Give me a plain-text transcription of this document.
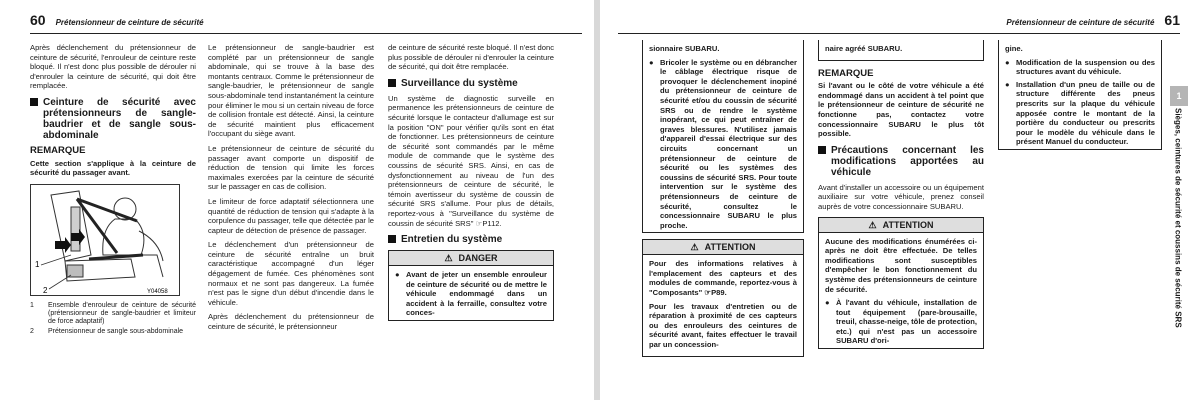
60 Prétensionneur de ceinture de sécurité

Après déclenchement du prétensionneur de ceinture de sécurité, l'enrouleur de ceinture reste bloqué. Il n'est donc plus possible de dérouler ni d'enrouler la ceinture de sécurité, qui doit être remplacée.

Ceinture de sécurité avec prétensionneurs de sangle-baudrier et de sangle sous-abdominale
REMARQUE

Cette section s'applique à la ceinture de sécurité du passager avant.

1
2	Y04058
1	Ensemble d'enrouleur de ceinture de sécurité (prétensionneur de sangle-baudrier et limiteur de force adaptatif)
2	Prétensionneur de sangle sous-abdominale

Le prétensionneur de sangle-baudrier est complété par un prétensionneur de sangle abdominale, qui se trouve à la base des montants centraux. Comme le prétensionneur de sangle-baudrier, le prétensionneur de sangle sous-abdominale tend instantanément la ceinture pour éliminer le mou si un certain niveau de force de collision frontale est détecté. Ainsi, la ceinture de sécurité maintient plus efficacement l'occupant du siège avant.

Le prétensionneur de ceinture de sécurité du passager avant comporte un dispositif de réduction de tension qui limite les forces maximales exercées par la ceinture de sécurité sur le passager en cas de collision.

Le limiteur de force adaptatif sélectionnera une quantité de réduction de tension qui s'adapte à la corpulence du passager, telle que détectée par le capteur de détection de présence de passager.

Le déclenchement d'un prétensionneur de ceinture de sécurité entraîne un bruit caractéristique accompagné d'un léger dégagement de fumée. Ces phénomènes sont normaux et ne sont pas dangereux. La fumée n'est pas le signe d'un début d'incendie dans le véhicule.

Après déclenchement du prétensionneur de ceinture de sécurité, le prétensionneur

de ceinture de sécurité reste bloqué. Il n'est donc plus possible de dérouler ni d'enrouler la ceinture de sécurité, qui doit être remplacée.

Surveillance du système

Un système de diagnostic surveille en permanence les prétensionneurs de ceinture de sécurité lorsque le contacteur d'allumage est sur la position "ON" pour vérifier qu'ils sont en état de fonctionner. Les prétensionneurs de ceinture de sécurité sont commandés par le même module de commande que le système des coussins de sécurité SRS. Ainsi, en cas de dysfonctionnement au niveau de l'un des prétensionneurs de ceinture de sécurité, le témoin avertisseur du système de coussin de sécurité SRS s'allume. Pour plus de détails, reportez-vous à "Surveillance du système de coussin de sécurité SRS" ☞P112.

Entretien du système
⚠ DANGER
● Avant de jeter un ensemble enrouleur de ceinture de sécurité ou de mettre le véhicule endommagé dans un accident à la ferraille, consultez votre conces-
Prétensionneur de ceinture de sécurité 61

sionnaire SUBARU.

● Bricoler le système ou en débrancher le câblage électrique risque de provoquer le déclenchement inopiné du prétensionneur de ceinture de sécurité et/ou du coussin de sécurité SRS ou de rendre le système inopérant, ce qui peut entraîner de graves blessures. N'utilisez jamais d'appareil d'essai électrique sur des circuits concernant un prétensionneur de ceinture de sécurité ou les systèmes des coussins de sécurité SRS. Pour toute intervention sur le système des prétensionneurs de ceinture de sécurité, consultez le concessionnaire SUBARU le plus proche.
⚠ ATTENTION

Pour des informations relatives à l'emplacement des capteurs et des modules de commande, reportez-vous à "Composants" ☞P89.

Pour les travaux d'entretien ou de réparation à proximité de ces capteurs ou des enrouleurs des ceintures de sécurité avant, faites effectuer le travail par un concession-

naire agréé SUBARU.

REMARQUE

Si l'avant ou le côté de votre véhicule a été endommagé dans un accident à tel point que le prétensionneur de ceinture de sécurité ne fonctionne pas, contactez votre concessionnaire SUBARU le plus tôt possible.

Précautions concernant les modifications apportées au véhicule

Avant d'installer un accessoire ou un équipement auxiliaire sur votre véhicule, prenez conseil auprès de votre concessionnaire SUBARU.

⚠ ATTENTION

Aucune des modifications énumérées ci-après ne doit être effectuée. De telles modifications sont susceptibles d'empêcher le bon fonctionnement du système des prétensionneurs de ceinture de sécurité.

● À l'avant du véhicule, installation de tout équipement (pare-brousaille, treuil, chasse-neige, tôle de protection, etc.) qui n'est pas un accessoire SUBARU d'ori-

gine.

● Modification de la suspension ou des structures avant du véhicule.
● Installation d'un pneu de taille ou de structure différente des pneus prescrits sur la plaque du véhicule apposée contre le montant de la portière du conducteur ou prescrits pour le modèle du véhicule dans le présent Manuel du conducteur.
1
Sièges, ceintures de sécurité et coussins de sécurité SRS
